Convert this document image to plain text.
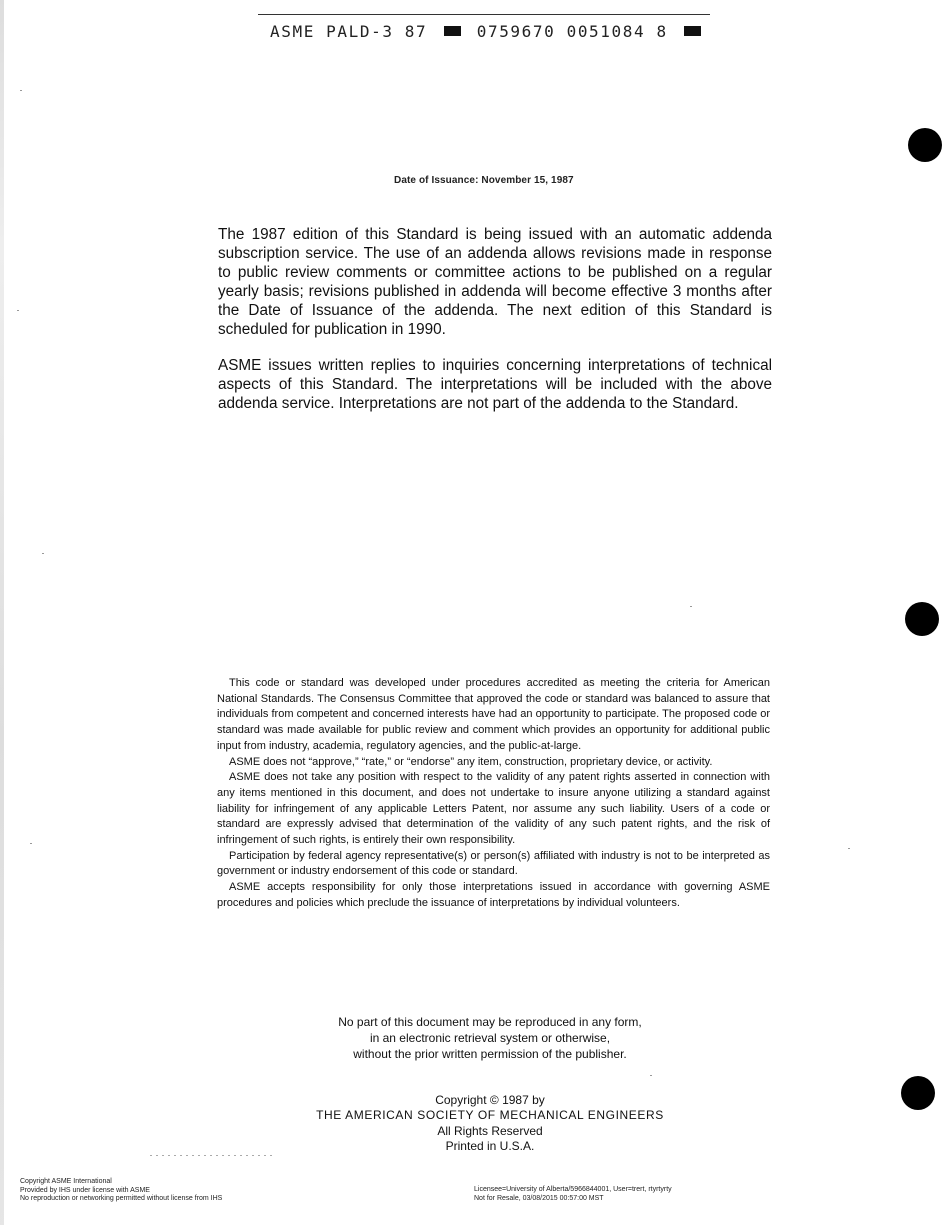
ASME PALD-3 87	0759670 0051084 8
Date of Issuance: November 15, 1987

The 1987 edition of this Standard is being issued with an automatic addenda subscription service. The use of an addenda allows revisions made in response to public review comments or committee actions to be published on a regular yearly basis; revisions published in addenda will become effective 3 months after the Date of Issuance of the addenda. The next edition of this Standard is scheduled for publication in 1990.

ASME issues written replies to inquiries concerning interpretations of technical aspects of this Standard. The interpretations will be included with the above addenda service. Interpretations are not part of the addenda to the Standard.

This code or standard was developed under procedures accredited as meeting the criteria for American National Standards. The Consensus Committee that approved the code or standard was balanced to assure that individuals from competent and concerned interests have had an opportunity to participate. The proposed code or standard was made available for public review and comment which provides an opportunity for additional public input from industry, academia, regulatory agencies, and the public-at-large.

ASME does not “approve,” “rate,” or “endorse” any item, construction, proprietary device, or activity.

ASME does not take any position with respect to the validity of any patent rights asserted in connection with any items mentioned in this document, and does not undertake to insure anyone utilizing a standard against liability for infringement of any applicable Letters Patent, nor assume any such liability. Users of a code or standard are expressly advised that determination of the validity of any such patent rights, and the risk of infringement of such rights, is entirely their own responsibility.

Participation by federal agency representative(s) or person(s) affiliated with industry is not to be interpreted as government or industry endorsement of this code or standard.

ASME accepts responsibility for only those interpretations issued in accordance with governing ASME procedures and policies which preclude the issuance of interpretations by individual volunteers.

No part of this document may be reproduced in any form,
in an electronic retrieval system or otherwise,
without the prior written permission of the publisher.
Copyright © 1987 by
THE AMERICAN SOCIETY OF MECHANICAL ENGINEERS
All Rights Reserved
Printed in U.S.A.
Copyright ASME International
Provided by IHS under license with ASME
No reproduction or networking permitted without license from IHS
Licensee=University of Alberta/5966844001, User=trert, rtyrtyrty
Not for Resale, 03/08/2015 00:57:00 MST
